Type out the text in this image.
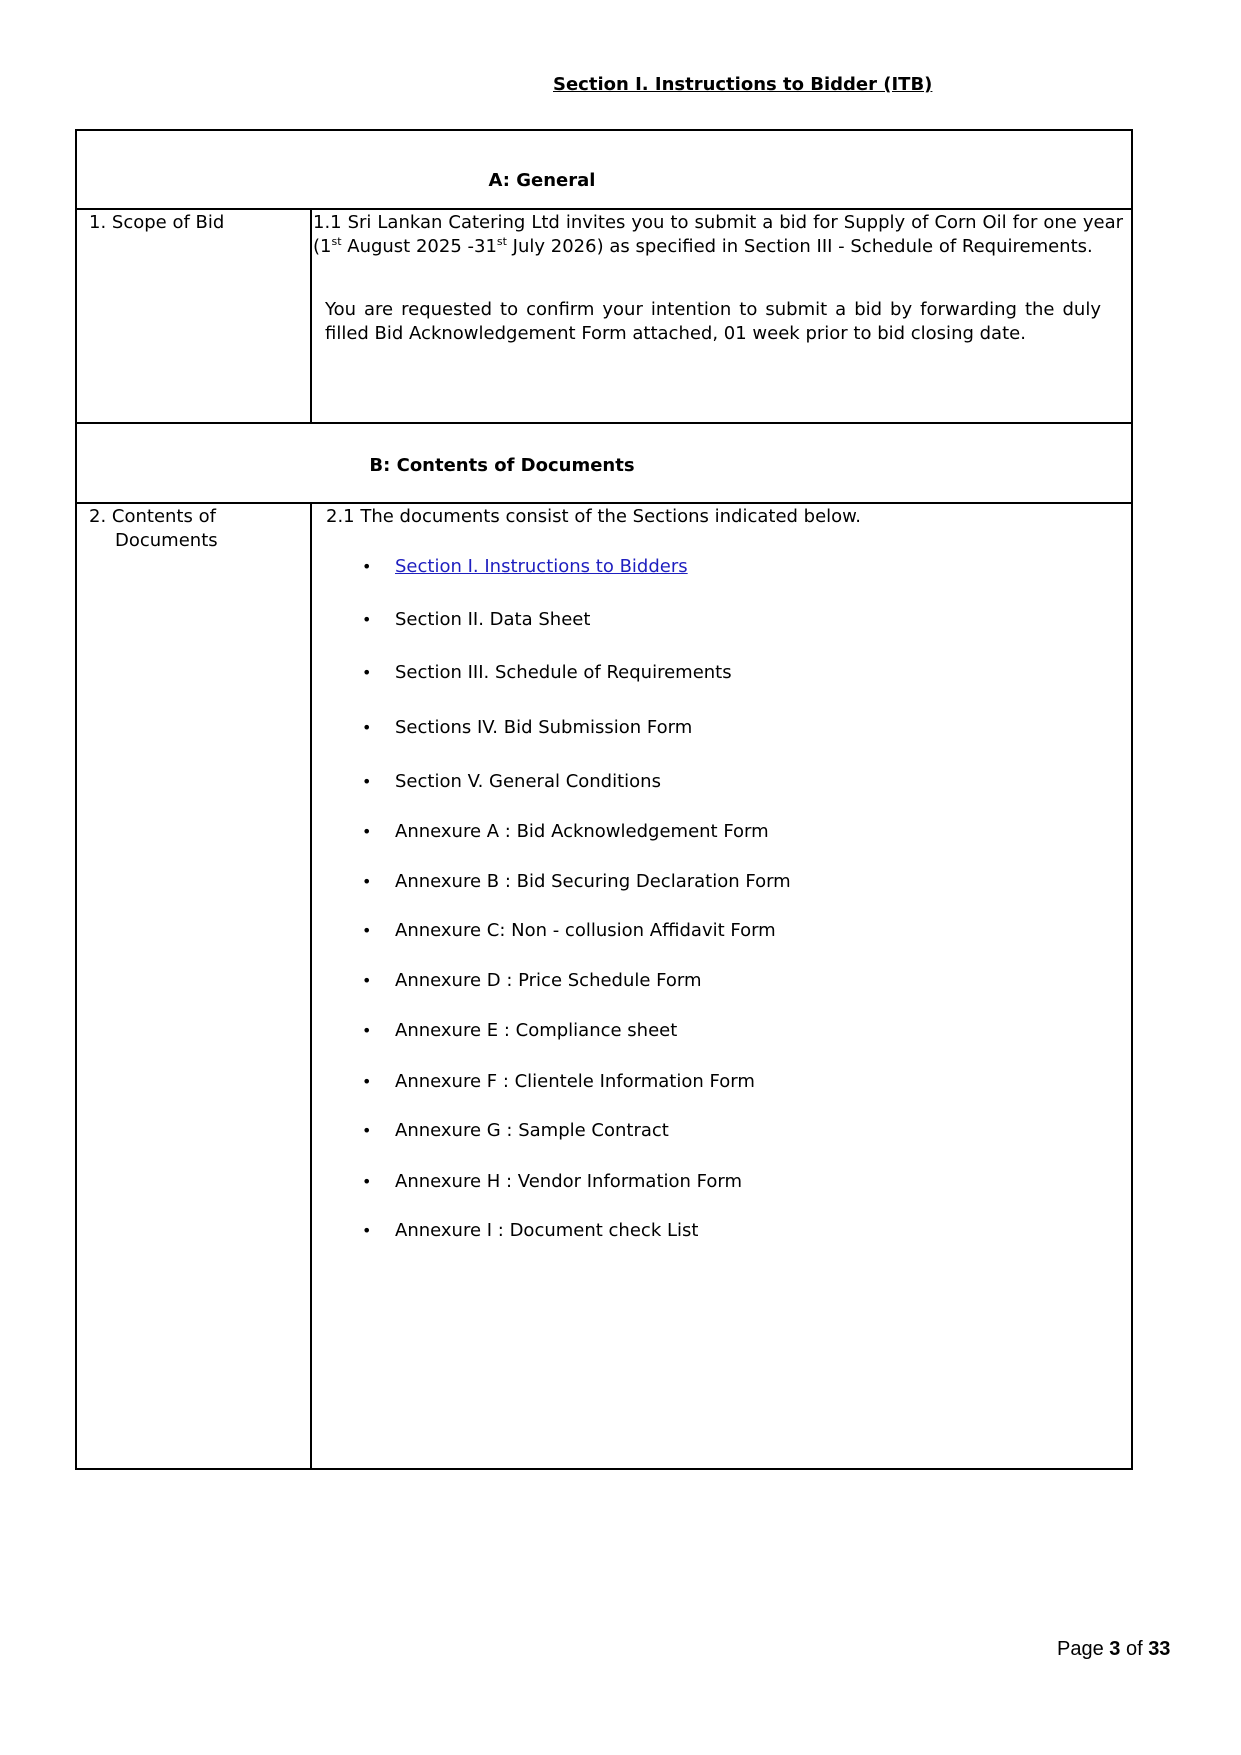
Section I. Instructions to Bidder (ITB)
A: General
1. Scope of Bid	1.1 Sri Lankan Catering Ltd invites you to submit a bid for Supply of Corn Oil for one year (1st August 2025 -31st July 2026) as specified in Section III - Schedule of Requirements.
You are requested to confirm your intention to submit a bid by forwarding the duly filled Bid Acknowledgement Form attached, 01 week prior to bid closing date.
B: Contents of Documents
2. Contents of
Documents
2.1 The documents consist of the Sections indicated below.
• Section I. Instructions to Bidders
• Section II. Data Sheet
• Section III. Schedule of Requirements
• Sections IV. Bid Submission Form
• Section V. General Conditions
• Annexure A : Bid Acknowledgement Form
• Annexure B : Bid Securing Declaration Form
• Annexure C: Non - collusion Affidavit Form
• Annexure D : Price Schedule Form
• Annexure E : Compliance sheet
• Annexure F : Clientele Information Form
• Annexure G : Sample Contract
• Annexure H : Vendor Information Form
• Annexure I : Document check List
Page 3 of 33
